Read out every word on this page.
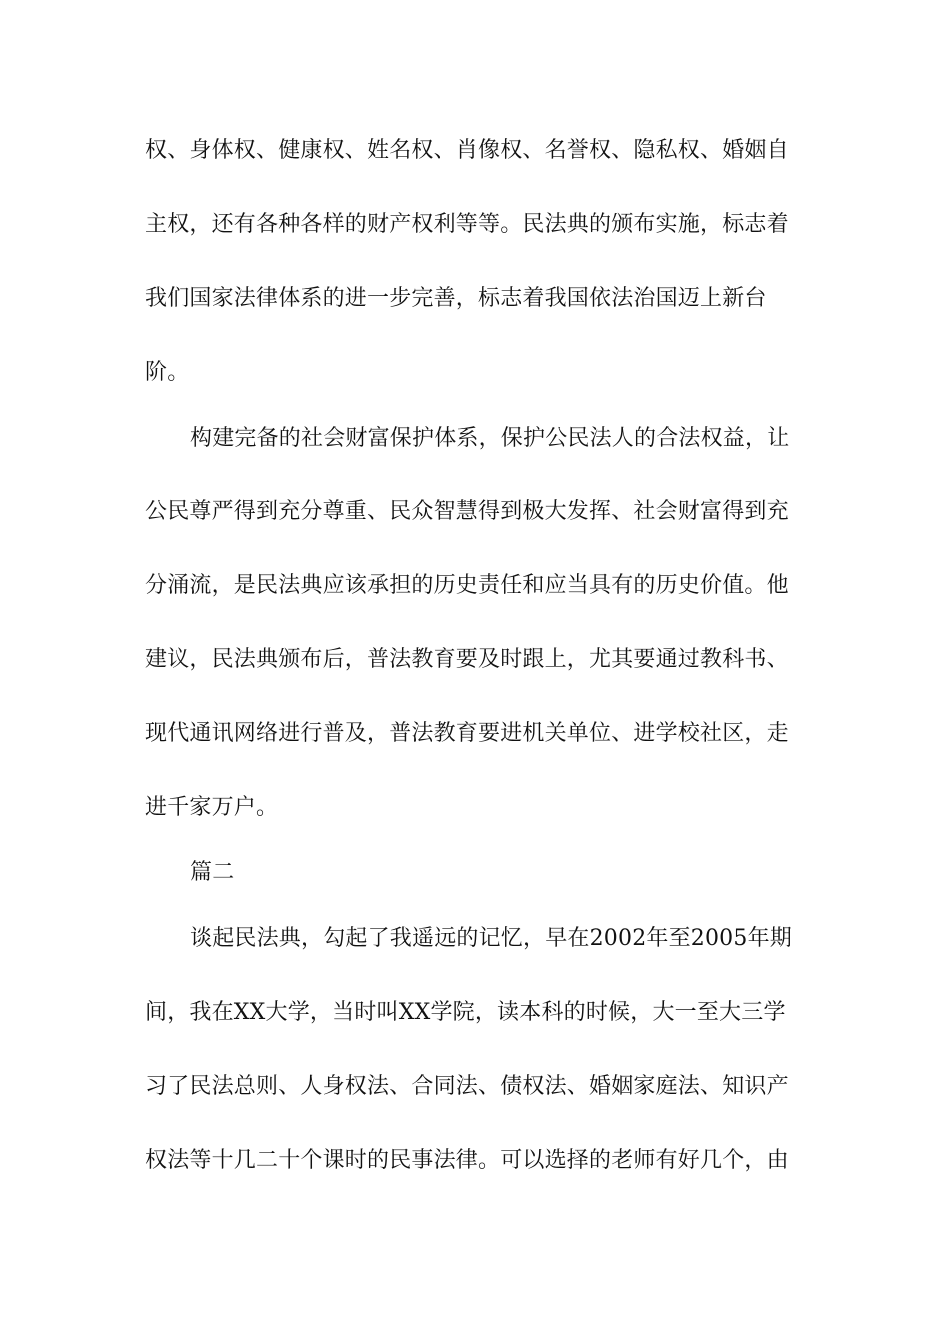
权、身体权、健康权、姓名权、肖像权、名誉权、隐私权、婚姻自
主权，还有各种各样的财产权利等等。民法典的颁布实施，标志着
我们国家法律体系的进一步完善，标志着我国依法治国迈上新台
阶。
构建完备的社会财富保护体系，保护公民法人的合法权益，让
公民尊严得到充分尊重、民众智慧得到极大发挥、社会财富得到充
分涌流，是民法典应该承担的历史责任和应当具有的历史价值。他
建议，民法典颁布后，普法教育要及时跟上，尤其要通过教科书、
现代通讯网络进行普及，普法教育要进机关单位、进学校社区，走
进千家万户。
篇二
谈起民法典，勾起了我遥远的记忆，早在2002年至2005年期
间，我在XX大学，当时叫XX学院，读本科的时候，大一至大三学
习了民法总则、人身权法、合同法、债权法、婚姻家庭法、知识产
权法等十几二十个课时的民事法律。可以选择的老师有好几个，由
